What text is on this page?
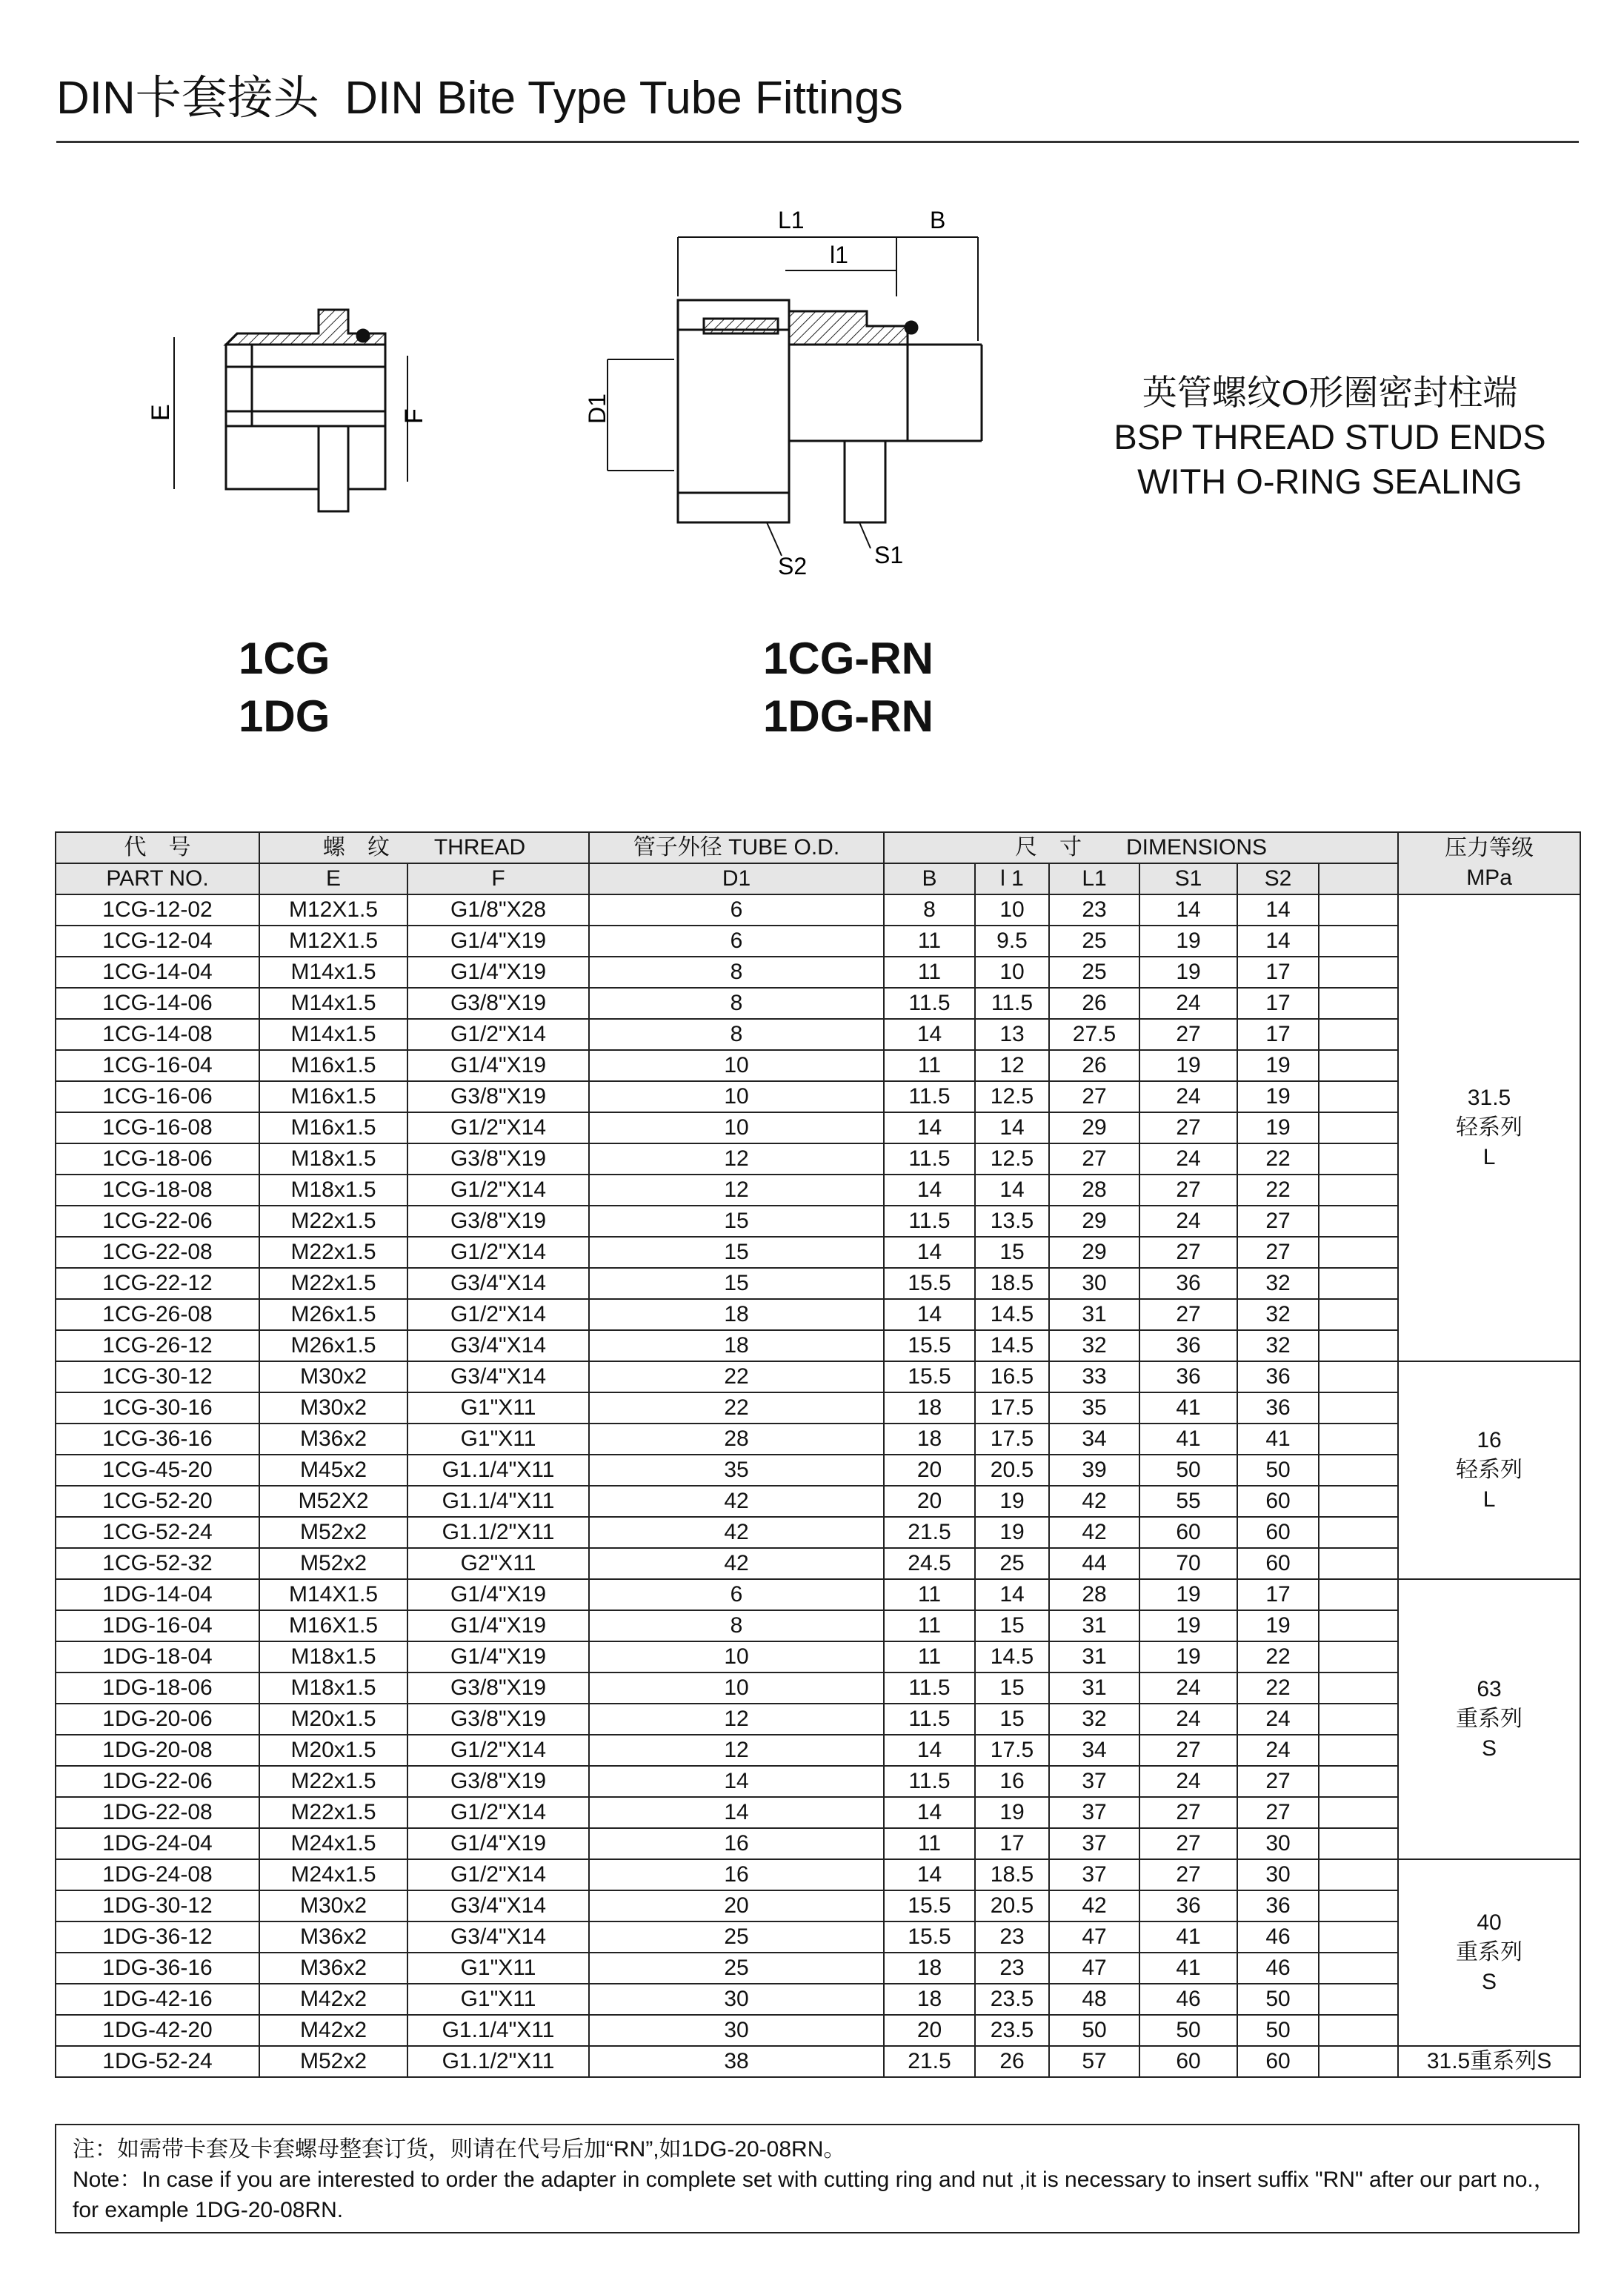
DIN卡套接头 DIN Bite Type Tube Fittings
E	F
L1	B
l1
D1
S2	S1
英管螺纹O形圈密封柱端
BSP THREAD STUD ENDS
WITH O-RING SEALING
1CG
1DG
1CG-RN
1DG-RN
代　号	螺　纹　　THREAD		管子外径 TUBE O.D.	尺　寸　　DIMENSIONS						压力等级
MPa

PART NO.	E	F	D1	B	l 1	L1	S1	S2		
1CG-12-02	M12X1.5	G1/8"X28	6	8	10	23	14	14		31.5
轻系列
L

1CG-12-04	M12X1.5	G1/4"X19	6	11	9.5	25	19	14		
1CG-14-04	M14x1.5	G1/4"X19	8	11	10	25	19	17		
1CG-14-06	M14x1.5	G3/8"X19	8	11.5	11.5	26	24	17		
1CG-14-08	M14x1.5	G1/2"X14	8	14	13	27.5	27	17		
1CG-16-04	M16x1.5	G1/4"X19	10	11	12	26	19	19		
1CG-16-06	M16x1.5	G3/8"X19	10	11.5	12.5	27	24	19		
1CG-16-08	M16x1.5	G1/2"X14	10	14	14	29	27	19		
1CG-18-06	M18x1.5	G3/8"X19	12	11.5	12.5	27	24	22		
1CG-18-08	M18x1.5	G1/2"X14	12	14	14	28	27	22		
1CG-22-06	M22x1.5	G3/8"X19	15	11.5	13.5	29	24	27		
1CG-22-08	M22x1.5	G1/2"X14	15	14	15	29	27	27		
1CG-22-12	M22x1.5	G3/4"X14	15	15.5	18.5	30	36	32		
1CG-26-08	M26x1.5	G1/2"X14	18	14	14.5	31	27	32		
1CG-26-12	M26x1.5	G3/4"X14	18	15.5	14.5	32	36	32		
1CG-30-12	M30x2	G3/4"X14	22	15.5	16.5	33	36	36		16
轻系列
L

1CG-30-16	M30x2	G1"X11	22	18	17.5	35	41	36		
1CG-36-16	M36x2	G1"X11	28	18	17.5	34	41	41		
1CG-45-20	M45x2	G1.1/4"X11	35	20	20.5	39	50	50		
1CG-52-20	M52X2	G1.1/4"X11	42	20	19	42	55	60		
1CG-52-24	M52x2	G1.1/2"X11	42	21.5	19	42	60	60		
1CG-52-32	M52x2	G2"X11	42	24.5	25	44	70	60		
1DG-14-04	M14X1.5	G1/4"X19	6	11	14	28	19	17		63
重系列
S

1DG-16-04	M16X1.5	G1/4"X19	8	11	15	31	19	19		
1DG-18-04	M18x1.5	G1/4"X19	10	11	14.5	31	19	22		
1DG-18-06	M18x1.5	G3/8"X19	10	11.5	15	31	24	22		
1DG-20-06	M20x1.5	G3/8"X19	12	11.5	15	32	24	24		
1DG-20-08	M20x1.5	G1/2"X14	12	14	17.5	34	27	24		
1DG-22-06	M22x1.5	G3/8"X19	14	11.5	16	37	24	27		
1DG-22-08	M22x1.5	G1/2"X14	14	14	19	37	27	27		
1DG-24-04	M24x1.5	G1/4"X19	16	11	17	37	27	30		
1DG-24-08	M24x1.5	G1/2"X14	16	14	18.5	37	27	30		40
重系列
S

1DG-30-12	M30x2	G3/4"X14	20	15.5	20.5	42	36	36		
1DG-36-12	M36x2	G3/4"X14	25	15.5	23	47	41	46		
1DG-36-16	M36x2	G1"X11	25	18	23	47	41	46		
1DG-42-16	M42x2	G1"X11	30	18	23.5	48	46	50		
1DG-42-20	M42x2	G1.1/4"X11	30	20	23.5	50	50	50		
1DG-52-24	M52x2	G1.1/2"X11	38	21.5	26	57	60	60		31.5重系列S
注：如需带卡套及卡套螺母整套订货，则请在代号后加“RN”,如1DG-20-08RN。
Note：In case if you are interested to order the adapter in complete set with cutting ring and nut ,it is necessary to insert suffix "RN" after our part no.，for example 1DG-20-08RN.
